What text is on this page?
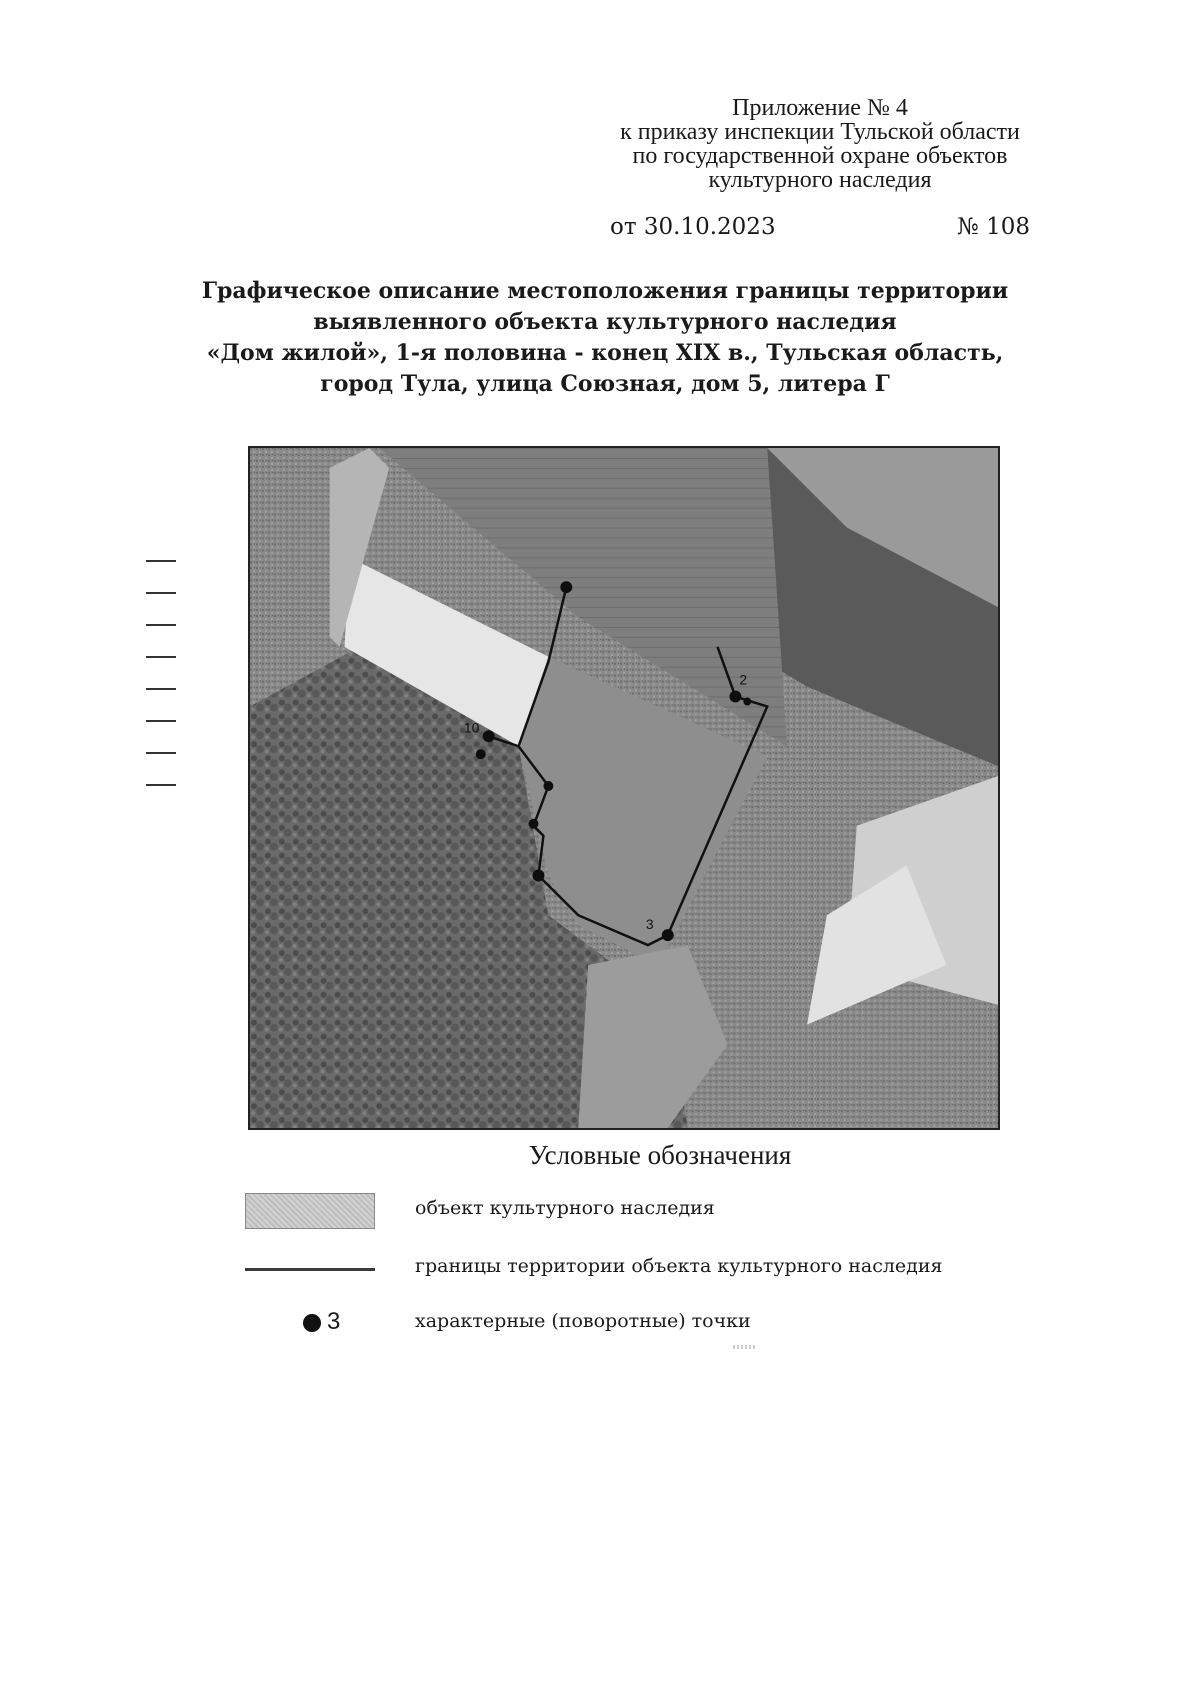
Приложение № 4
к приказу инспекции Тульской области
по государственной охране объектов
культурного наследия
от 30.10.2023	№ 108
Графическое описание местоположения границы территории
выявленного объекта культурного наследия
«Дом жилой», 1-я половина - конец XIX в., Тульская область,
город Тула, улица Союзная, дом 5, литера Г
2
10
3
Условные обозначения
объект культурного наследия
границы территории объекта культурного наследия
3	характерные (поворотные) точки
